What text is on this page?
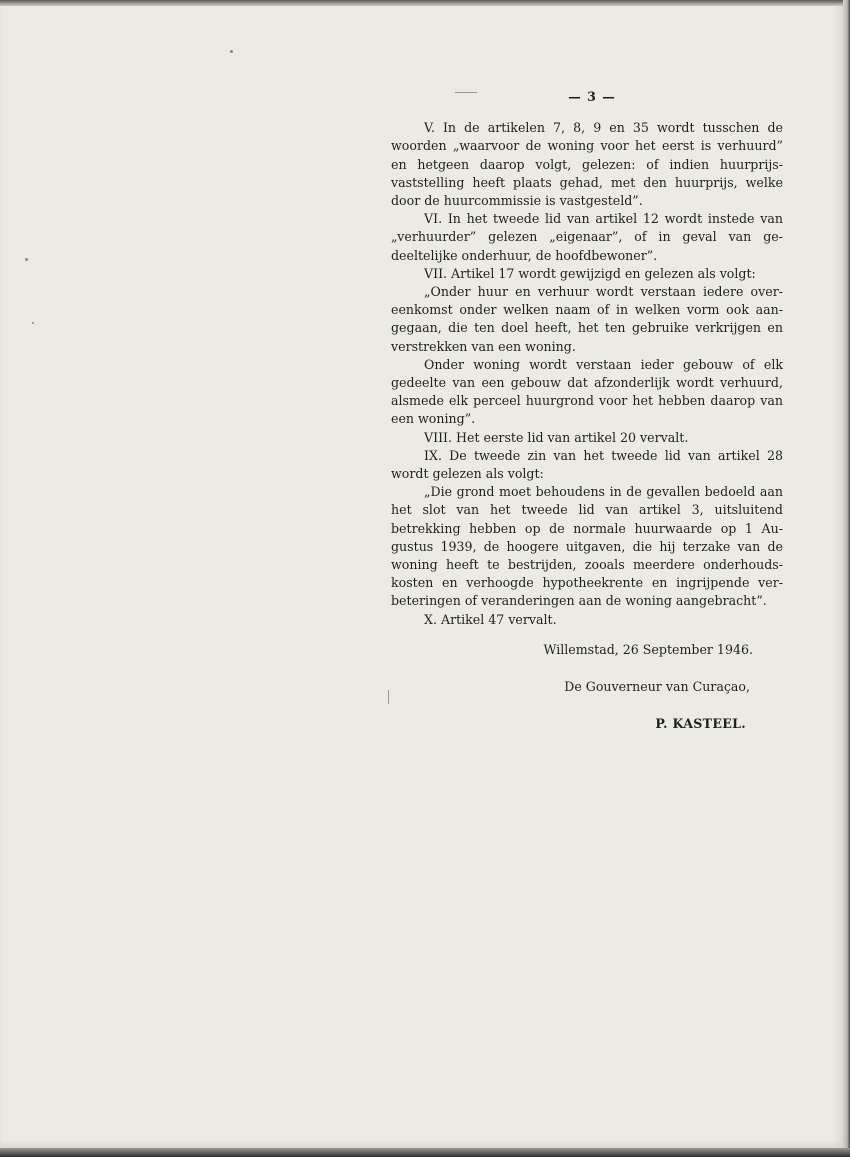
— 3 —

V. In de artikelen 7, 8, 9 en 35 wordt tusschen de woorden „waarvoor de woning voor het eerst is verhuurd” en hetgeen daarop volgt, gelezen: of indien huurprijsvaststelling heeft plaats gehad, met den huurprijs, welke door de huurcommissie is vastgesteld”.

VI. In het tweede lid van artikel 12 wordt instede van „verhuurder” gelezen „eigenaar”, of in geval van gedeeltelijke onderhuur, de hoofdbewoner”.

VII. Artikel 17 wordt gewijzigd en gelezen als volgt:

„Onder huur en verhuur wordt verstaan iedere overeenkomst onder welken naam of in welken vorm ook aangegaan, die ten doel heeft, het ten gebruike verkrijgen en verstrekken van een woning.

Onder woning wordt verstaan ieder gebouw of elk gedeelte van een gebouw dat afzonderlijk wordt verhuurd, alsmede elk perceel huurgrond voor het hebben daarop van een woning”.

VIII. Het eerste lid van artikel 20 vervalt.

IX. De tweede zin van het tweede lid van artikel 28 wordt gelezen als volgt:

„Die grond moet behoudens in de gevallen bedoeld aan het slot van het tweede lid van artikel 3, uitsluitend betrekking hebben op de normale huurwaarde op 1 Augustus 1939, de hoogere uitgaven, die hij terzake van de woning heeft te bestrijden, zooals meerdere onderhoudskosten en verhoogde hypotheekrente en ingrijpende verbeteringen of veranderingen aan de woning aangebracht”.

X. Artikel 47 vervalt.

Willemstad, 26 September 1946.

De Gouverneur van Curaçao,

P. KASTEEL.
